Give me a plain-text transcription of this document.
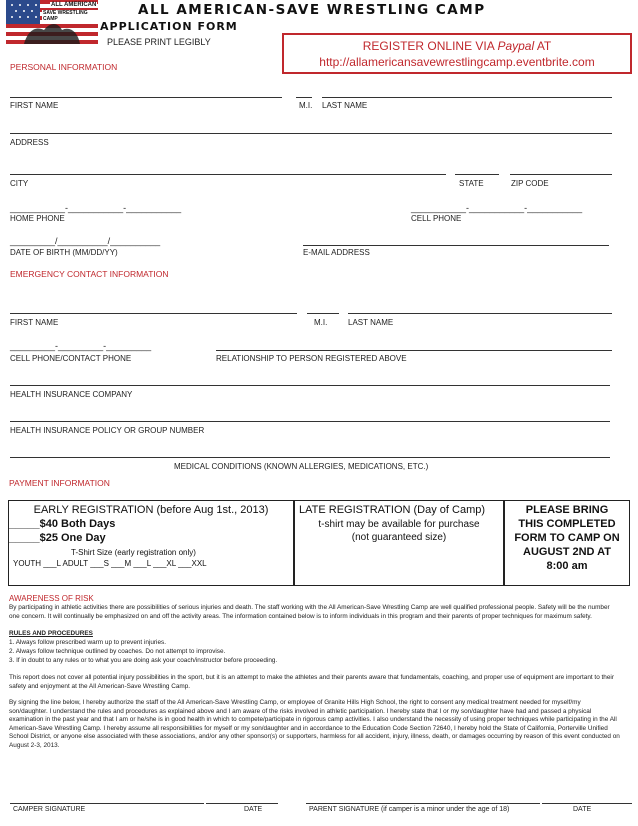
ALL AMERICAN
SAVE WRESTLING CAMP
ALL AMERICAN-SAVE WRESTLING CAMP
APPLICATION FORM
PLEASE PRINT LEGIBLY	REGISTER ONLINE VIA Paypal AT
http://allamericansavewrestlingcamp.eventbrite.com
PERSONAL INFORMATION
FIRST NAME	M.I. LAST NAME
ADDRESS
CITY	STATE	ZIP CODE
___________-___________-___________	___________-___________-___________
HOME PHONE	CELL PHONE
_________/__________/__________
DATE OF BIRTH (MM/DD/YY)	E-MAIL ADDRESS
EMERGENCY CONTACT INFORMATION
FIRST NAME	M.I.	LAST NAME
_________-_________-_________
CELL PHONE/CONTACT PHONE	RELATIONSHIP TO PERSON REGISTERED ABOVE
HEALTH INSURANCE COMPANY
HEALTH INSURANCE POLICY OR GROUP NUMBER
MEDICAL CONDITIONS (KNOWN ALLERGIES, MEDICATIONS, ETC.)
PAYMENT INFORMATION
EARLY REGISTRATION (before Aug 1st., 2013)
_____$40 Both Days
_____$25 One Day
T-Shirt Size (early registration only)
YOUTH ___L ADULT ___S ___M ___L ___XL ___XXL
LATE REGISTRATION (Day of Camp)
t-shirt may be available for purchase
(not guaranteed size)
PLEASE BRING
THIS COMPLETED
FORM TO CAMP ON
AUGUST 2ND AT
8:00 am
AWARENESS OF RISK
By participating in athletic activities there are possibilities of serious injuries and death. The staff working with the All American-Save Wrestling Camp are well qualified professional people. Safety will be the number one concern. It will continually be emphasized on and off the activity areas. The information contained below is to inform individuals in this program and their parents of proper techniques for maximum safety.
RULES AND PROCEDURES
1. Always follow prescribed warm up to prevent injuries.
2. Always follow technique outlined by coaches. Do not attempt to improvise.
3. If in doubt to any rules or to what you are doing ask your coach/instructor before proceeding.
This report does not cover all potential injury possibilities in the sport, but it is an attempt to make the athletes and their parents aware that fundamentals, coaching, and proper use of equipment are important to their safety and enjoyment at the All American-Save Wrestling Camp.
By signing the line below, I hereby authorize the staff of the All American-Save Wrestling Camp, or employee of Granite Hills High School, the right to consent any medical treatment needed for myself/my son/daughter. I understand the rules and procedures as explained above and I am aware of the risks involved in athletic participation. I hereby state that I or my son/daughter have had and passed a physical examination in the past year and that I am or he/she is in good health in which to compete/participate in rigorous camp activities. I also understand the necessity of using proper techniques while participating in the All American-Save Wrestling Camp. I hereby assume all responsibilities for myself or my son/daughter and in accordance to the Education Code Section 72640, I hereby hold the State of California, Porterville Unified School District, or anyone else associated with these associations, and/or any other sponsor(s) or supporters, harmless for all accident, injury, illness, death, or damages occurring by reason of this event conducted on August 2-3, 2013.
CAMPER SIGNATURE	DATE	PARENT SIGNATURE (if camper is a minor under the age of 18)	DATE
